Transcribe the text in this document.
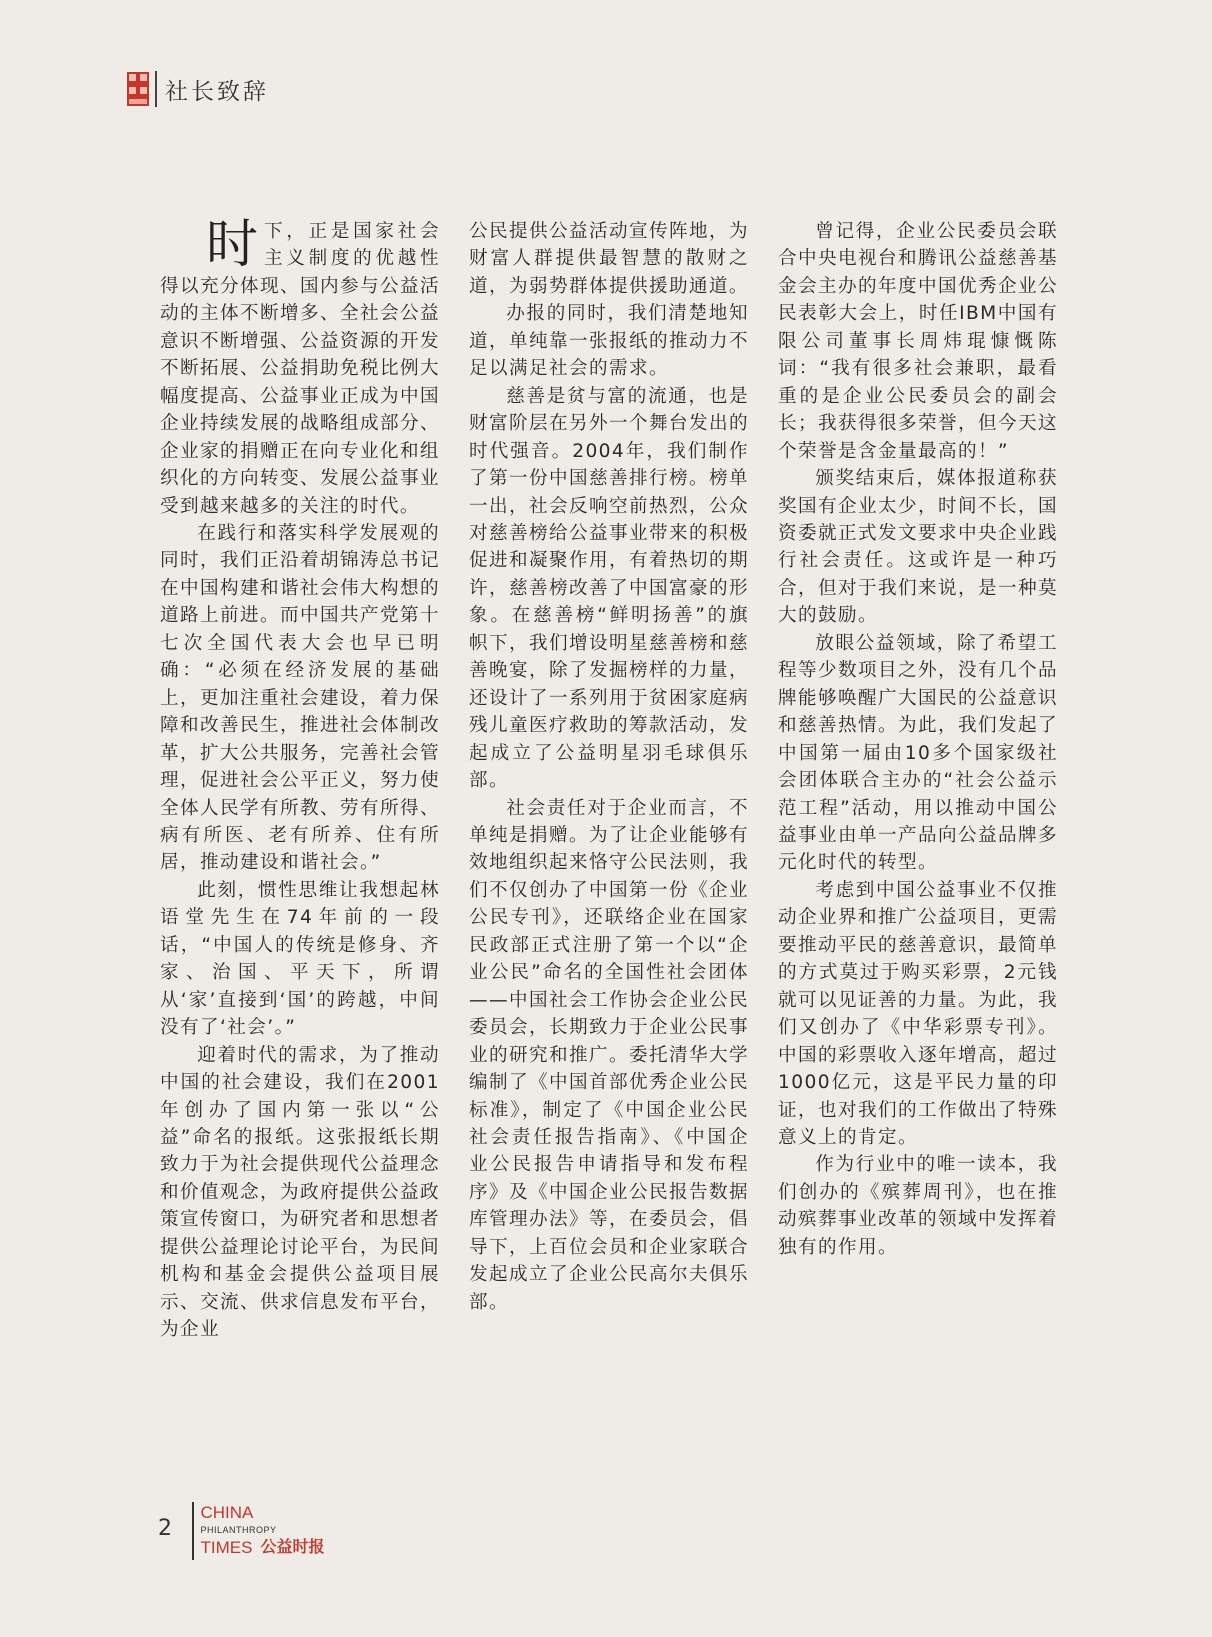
社长致辞
时 下，正是国家社会主义制度的优越性得以充分体现、国内参与公益活动的主体不断增多、全社会公益意识不断增强、公益资源的开发不断拓展、公益捐助免税比例大幅度提高、公益事业正成为中国企业持续发展的战略组成部分、企业家的捐赠正在向专业化和组织化的方向转变、发展公益事业受到越来越多的关注的时代。

在践行和落实科学发展观的同时，我们正沿着胡锦涛总书记在中国构建和谐社会伟大构想的道路上前进。而中国共产党第十七次全国代表大会也早已明确：“必须在经济发展的基础上，更加注重社会建设，着力保障和改善民生，推进社会体制改革，扩大公共服务，完善社会管理，促进社会公平正义，努力使全体人民学有所教、劳有所得、病有所医、老有所养、住有所居，推动建设和谐社会。”

此刻，惯性思维让我想起林语堂先生在74年前的一段话，“中国人的传统是修身、齐家、治国、平天下，所谓从‘家’直接到‘国’的跨越，中间没有了‘社会’。”

迎着时代的需求，为了推动中国的社会建设，我们在2001年创办了国内第一张以“公益”命名的报纸。这张报纸长期致力于为社会提供现代公益理念和价值观念，为政府提供公益政策宣传窗口，为研究者和思想者提供公益理论讨论平台，为民间机构和基金会提供公益项目展示、交流、供求信息发布平台，为企业

公民提供公益活动宣传阵地，为财富人群提供最智慧的散财之道，为弱势群体提供援助通道。

办报的同时，我们清楚地知道，单纯靠一张报纸的推动力不足以满足社会的需求。

慈善是贫与富的流通，也是财富阶层在另外一个舞台发出的时代强音。2004年，我们制作了第一份中国慈善排行榜。榜单一出，社会反响空前热烈，公众对慈善榜给公益事业带来的积极促进和凝聚作用，有着热切的期许，慈善榜改善了中国富豪的形象。在慈善榜“鲜明扬善”的旗帜下，我们增设明星慈善榜和慈善晚宴，除了发掘榜样的力量，还设计了一系列用于贫困家庭病残儿童医疗救助的筹款活动，发起成立了公益明星羽毛球俱乐部。

社会责任对于企业而言，不单纯是捐赠。为了让企业能够有效地组织起来恪守公民法则，我们不仅创办了中国第一份《企业公民专刊》，还联络企业在国家民政部正式注册了第一个以“企业公民”命名的全国性社会团体——中国社会工作协会企业公民委员会，长期致力于企业公民事业的研究和推广。委托清华大学编制了《中国首部优秀企业公民标准》，制定了《中国企业公民社会责任报告指南》、《中国企业公民报告申请指导和发布程序》及《中国企业公民报告数据库管理办法》等，在委员会，倡导下，上百位会员和企业家联合发起成立了企业公民高尔夫俱乐部。

曾记得，企业公民委员会联合中央电视台和腾讯公益慈善基金会主办的年度中国优秀企业公民表彰大会上，时任IBM中国有限公司董事长周炜琨慷慨陈词：“我有很多社会兼职，最看重的是企业公民委员会的副会长；我获得很多荣誉，但今天这个荣誉是含金量最高的！”

颁奖结束后，媒体报道称获奖国有企业太少，时间不长，国资委就正式发文要求中央企业践行社会责任。这或许是一种巧合，但对于我们来说，是一种莫大的鼓励。

放眼公益领域，除了希望工程等少数项目之外，没有几个品牌能够唤醒广大国民的公益意识和慈善热情。为此，我们发起了中国第一届由10多个国家级社会团体联合主办的“社会公益示范工程”活动，用以推动中国公益事业由单一产品向公益品牌多元化时代的转型。

考虑到中国公益事业不仅推动企业界和推广公益项目，更需要推动平民的慈善意识，最简单的方式莫过于购买彩票，2元钱就可以见证善的力量。为此，我们又创办了《中华彩票专刊》。中国的彩票收入逐年增高，超过1000亿元，这是平民力量的印证，也对我们的工作做出了特殊意义上的肯定。

作为行业中的唯一读本，我们创办的《殡葬周刊》，也在推动殡葬事业改革的领域中发挥着独有的作用。

2
CHINA
PHILANTHROPY
TIMES 公益时报
